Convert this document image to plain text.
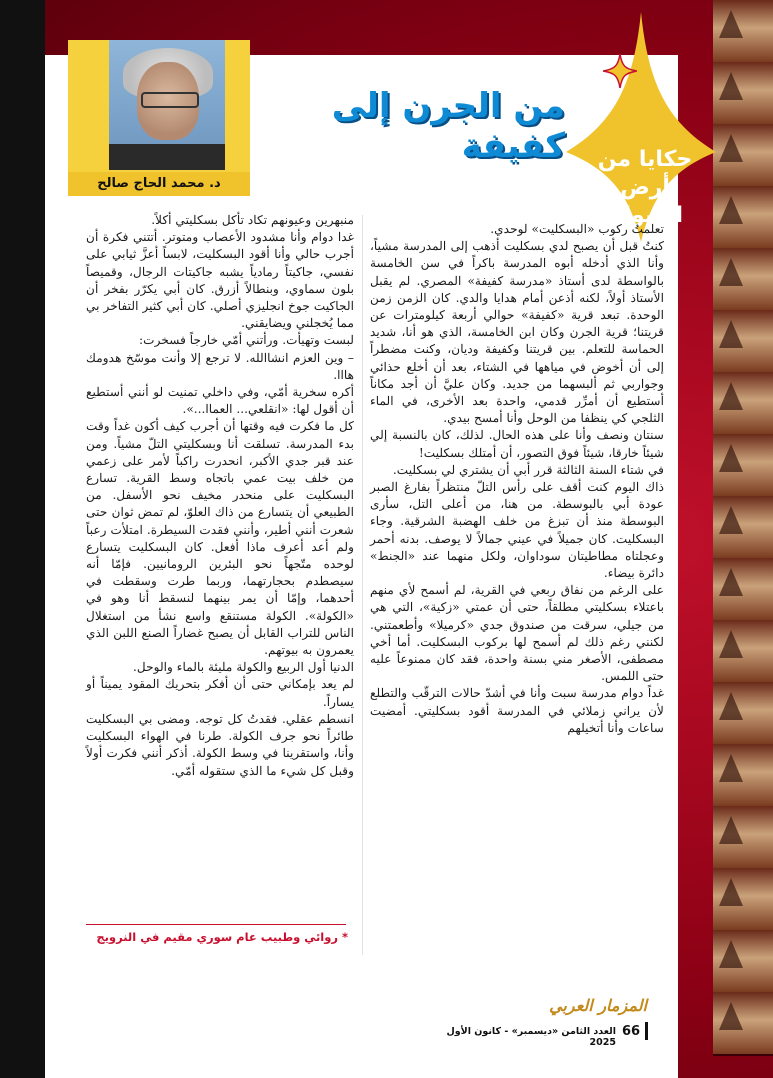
حكايا من
أرض الشوايا
من الجرن إلى كفيفة
د. محمد الحاج صالح

تعلمتُ ركوب «البسكليت» لوحدي.

كنتُ قبل أن يصبح لدي بسكليت أذهب إلى المدرسة مشياً، وأنا الذي أدخله أبوه المدرسة باكراً في سن الخامسة بالواسطة لدى أستاذ «مدرسة كفيفة» المصري. لم يقبل الأستاذ أولاً، لكنه أذعن أمام هدايا والدي. كان الزمن زمن الوحدة. تبعد قرية «كفيفة» حوالي أربعة كيلومترات عن قريتنا؛ قرية الجرن وكان ابن الخامسة، الذي هو أنا، شديد الحماسة للتعلم. بين قريتنا وكفيفة وديان، وكنت مضطراً إلى أن أخوض في مياهها في الشتاء، بعد أن أخلع حذائي وجواربي ثم ألبسهما من جديد. وكان عليَّ أن أجد مكاناً أستطيع أن أمرِّر قدمي، واحدة بعد الأخرى، في الماء الثلجي كي ينظفا من الوحل وأنا أمسح بيدي.

سنتان ونصف وأنا على هذه الحال. لذلك، كان بالنسبة إلي شيئاً خارقا، شيئاً فوق التصور، أن أمتلك بسكليت!

في شتاء السنة الثالثة قرر أبي أن يشتري لي بسكليت.

ذاك اليوم كنت أقف على رأس التلّ منتظراً بفارغ الصبر عودة أبي بالبوسطة. من هنا، من أعلى التل، سأرى البوسطة منذ أن تبزغ من خلف الهضبة الشرقية. وجاء البسكليت. كان جميلاً في عيني جمالاً لا يوصف. بدنه أحمر وعجلتاه مطاطيتان سوداوان، ولكل منهما عند «الجنط» دائرة بيضاء.

على الرغم من نفاق ربعي في القرية، لم أسمح لأي منهم باعتلاء بسكليتي مطلقاً، حتى أن عمتي «زكية»، التي هي من جيلي، سرقت من صندوق جدي «كرميلا» وأطعمتني. لكنني رغم ذلك لم أسمح لها بركوب البسكليت. أما أخي مصطفى، الأصغر مني بسنة واحدة، فقد كان ممنوعاً عليه حتى اللمس.

غداً دوام مدرسة سبت وأنا في أشدّ حالات الترقّب والتطلع لأن يراني زملائي في المدرسة أقود بسكليتي. أمضيت ساعات وأنا أتخيلهم

منبهرين وعيونهم تكاد تأكل بسكليتي أكلاً.

غدا دوام وأنا مشدود الأعصاب ومتوتر. أتتني فكرة أن أجرب حالي وأنا أقود البسكليت، لابساً أعزَّ ثيابي على نفسي، جاكيتاً رمادياً يشبه جاكيتات الرجال، وقميصاً بلون سماوي، وبنطالاً أزرق. كان أبي يكرّر بفخر أن الجاكيت جوخ انجليزي أصلي. كان أبي كثير التفاخر بي مما يُخجلني ويضايقني.

لبست وتهيأت. ورأتني أمّي خارجاً فسخرت:

– وين العزم انشاالله. لا ترجع إلا وأنت موسّخ هدومك هااا.

أكره سخرية أمّي، وفي داخلي تمنيت لو أنني أستطيع أن أقول لها: «انقلعي... العماا...».

كل ما فكرت فيه وقتها أن أجرب كيف أكون غداً وقت بدء المدرسة. تسلقت أنا وبسكليتي التلّ مشياً. ومن عند قبر جدي الأكبر، انحدرت راكباً لأمر على زعمي من خلف بيت عمي باتجاه وسط القرية. تسارع البسكليت على منحدر مخيف نحو الأسفل. من الطبيعي أن يتسارع من ذاك العلوّ، لم تمض ثوان حتى شعرت أنني أطير، وأنني فقدت السيطرة. امتلأت رعباً ولم أعد أعرف ماذا أفعل. كان البسكليت يتسارع لوحده متّجهاً نحو البئرين الرومانيين. فإمّا أنه سيصطدم بحجارتهما، وربما طرت وسقطت في أحدهما، وإمّا أن يمر بينهما لنسقط أنا وهو في «الكولة». الكولة مستنقع واسع نشأ من استغلال الناس للتراب القابل أن يصبح غضاراً الصنع اللبن الذي يعمرون به بيوتهم.

الدنيا أول الربيع والكولة مليئة بالماء والوحل.

لم يعد بإمكاني حتى أن أفكر بتحريك المقود يميناً أو يساراً.

انسطم عقلي. فقدتُ كل توجه. ومضى بي البسكليت طائراً نحو جرف الكولة. طرنا في الهواء البسكليت وأنا، واستقرينا في وسط الكولة. أذكر أنني فكرت أولاً وقبل كل شيء ما الذي ستقوله أمّي.

* روائي وطبيب عام سوري مقيم في النرويج
المزمار العربي
66
العدد الثامن «ديسمبر» - كانون الأول 2025
